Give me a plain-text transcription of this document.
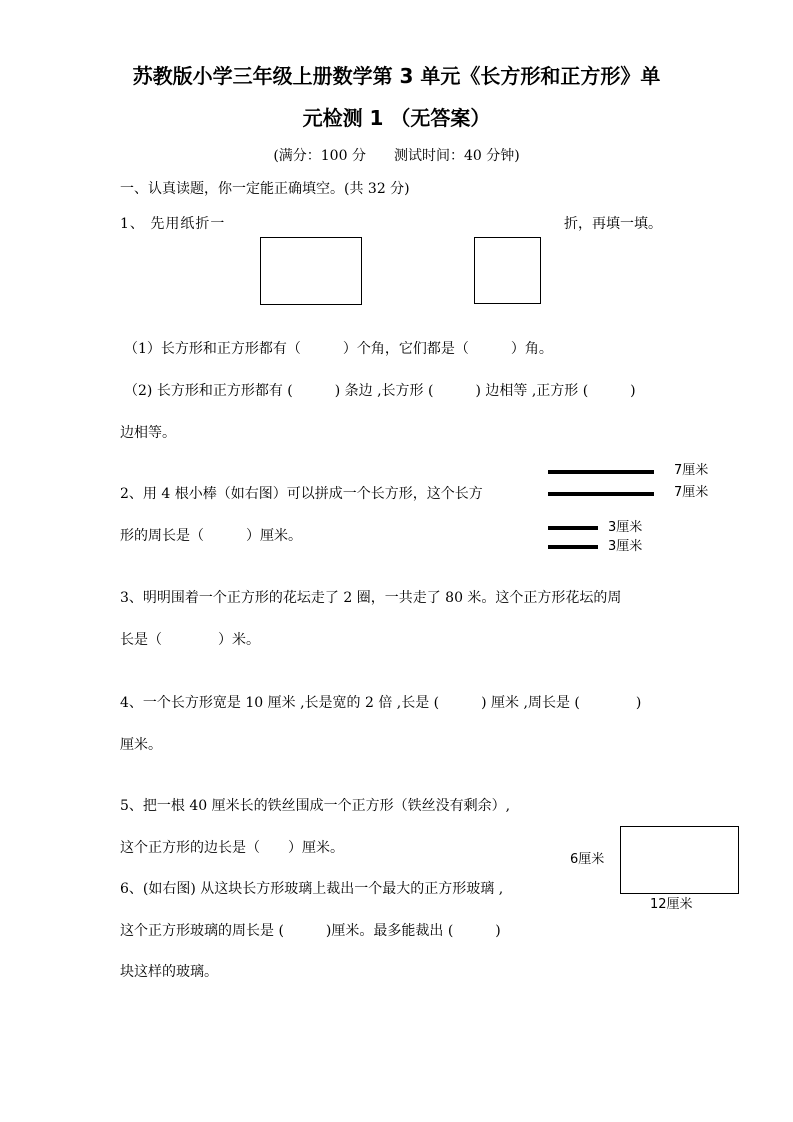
苏教版小学三年级上册数学第 3 单元《长方形和正方形》单
元检测 1 （无答案）
(满分：100 分　　测试时间：40 分钟)
一、认真读题，你一定能正确填空。(共 32 分)
1、 先用纸折一	折，再填一填。
（1）长方形和正方形都有（　　　）个角，它们都是（　　　）角。
（2) 长方形和正方形都有 (　　　) 条边 ,长方形 (　　　) 边相等 ,正方形 (　　　)
边相等。
2、用 4 根小棒（如右图）可以拼成一个长方形，这个长方
形的周长是（　　　）厘米。
7厘米
7厘米
3厘米
3厘米
3、明明围着一个正方形的花坛走了 2 圈，一共走了 80 米。这个正方形花坛的周
长是（　　　　）米。
4、一个长方形宽是 10 厘米 ,长是宽的 2 倍 ,长是 (　　　) 厘米 ,周长是 (　　　　)
厘米。
5、把一根 40 厘米长的铁丝围成一个正方形（铁丝没有剩余）,
这个正方形的边长是（　　）厘米。
6、(如右图) 从这块长方形玻璃上裁出一个最大的正方形玻璃 ,
这个正方形玻璃的周长是 (　　　)厘米。最多能裁出 (　　　)
块这样的玻璃。
6厘米
12厘米
